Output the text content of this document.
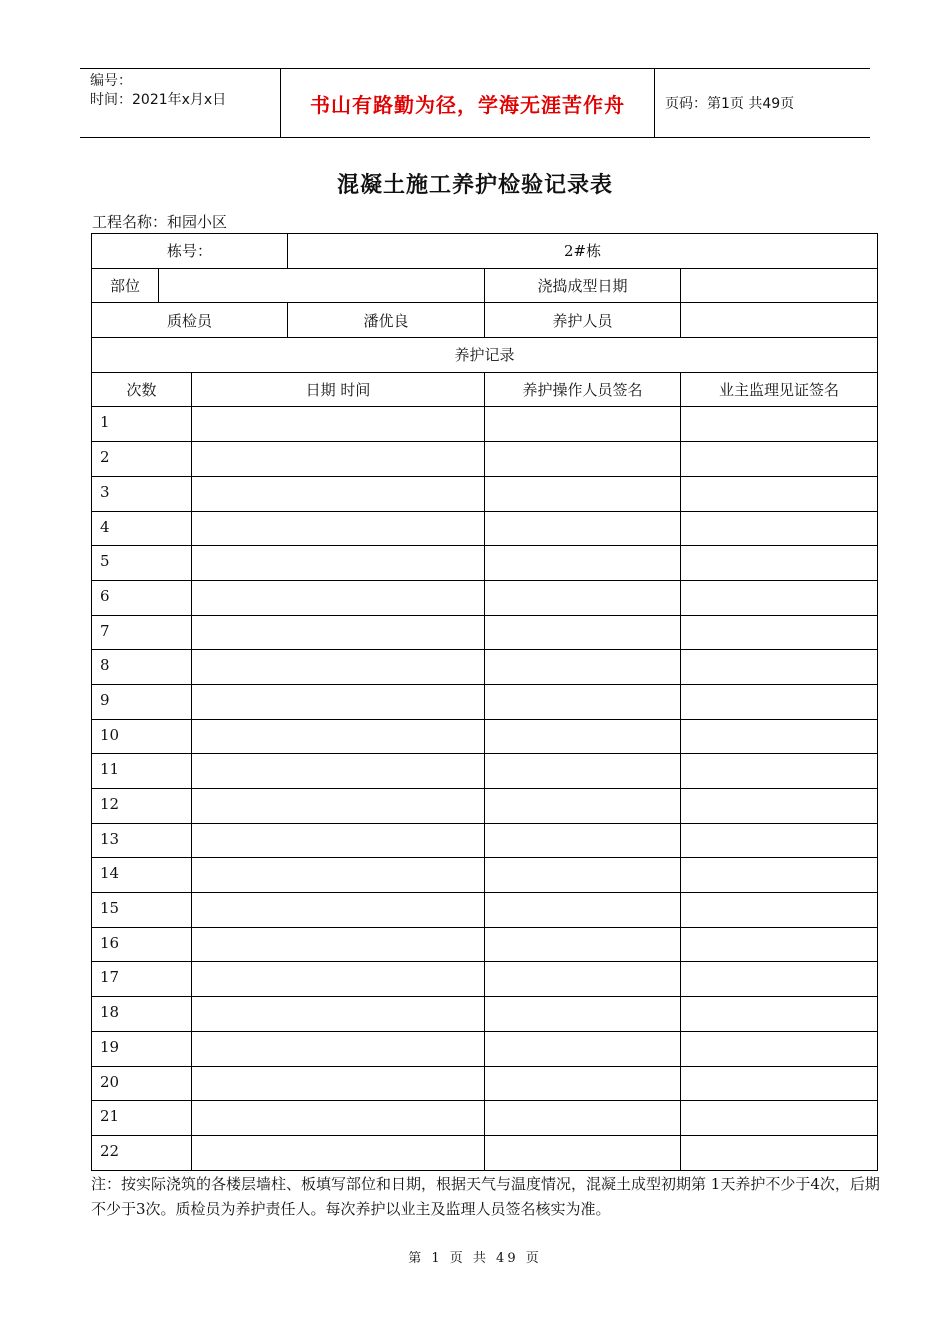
编号：
时间：2021年x月x日	书山有路勤为径，学海无涯苦作舟	页码：第1页 共49页
混凝土施工养护检验记录表
工程名称：和园小区
栋号：			2#栋		
部位				浇捣成型日期	
质检员			潘优良	养护人员	
养护记录					
次数		日期 时间		养护操作人员签名	业主监理见证签名
1					
2					
3					
4					
5					
6					
7					
8					
9					
10					
11					
12					
13					
14					
15					
16					
17					
18					
19					
20					
21					
22					
注：按实际浇筑的各楼层墙柱、板填写部位和日期，根据天气与温度情况，混凝土成型初期第 1天养护不少于4次，后期不少于3次。质检员为养护责任人。每次养护以业主及监理人员签名核实为准。
第 1 页 共 49 页
